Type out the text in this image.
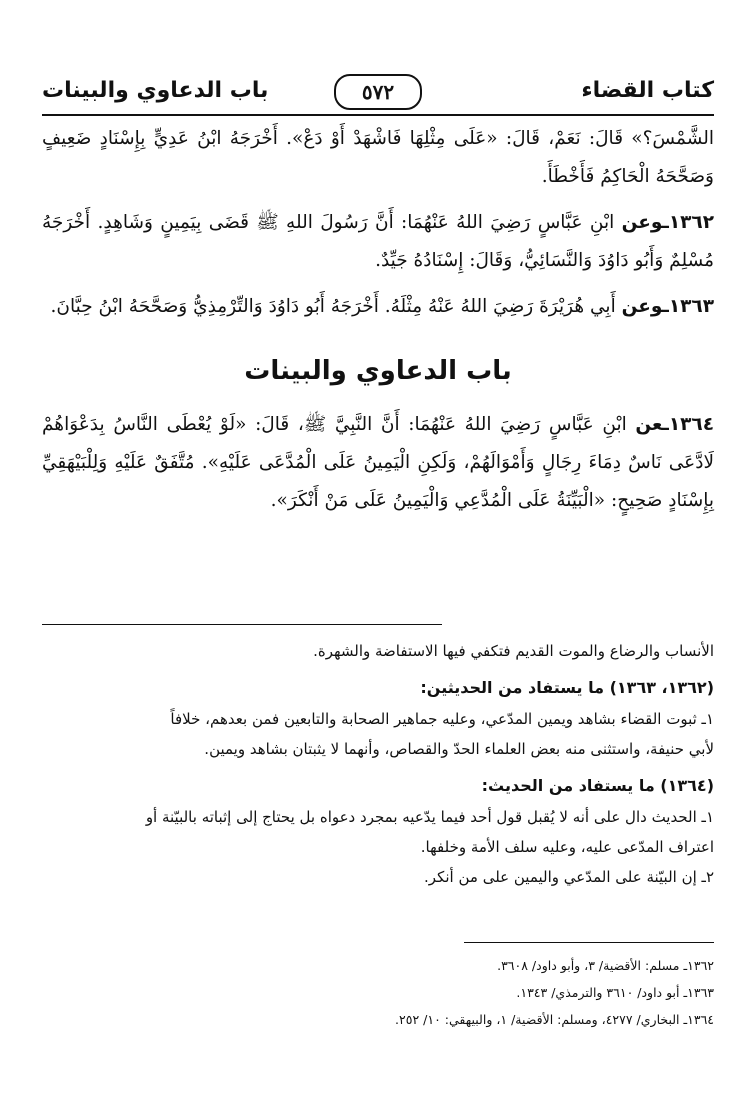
كتاب القضاء
٥٧٢
باب الدعاوي والبينات

الشَّمْسَ؟» قَالَ: نَعَمْ، قَالَ: «عَلَى مِثْلِهَا فَاشْهَدْ أَوْ دَعْ». أَخْرَجَهُ ابْنُ عَدِيٍّ بِإِسْنَادٍ ضَعِيفٍ وَصَحَّحَهُ الْحَاكِمُ فَأَخْطَأَ.

١٣٦٢ـوعن ابْنِ عَبَّاسٍ رَضِيَ اللهُ عَنْهُمَا: أَنَّ رَسُولَ اللهِ ﷺ قَضَى بِيَمِينٍ وَشَاهِدٍ. أَخْرَجَهُ مُسْلِمٌ وَأَبُو دَاوُدَ وَالنَّسَائِيُّ، وَقَالَ: إِسْنَادُهُ جَيِّدٌ.

١٣٦٣ـوعن أَبِي هُرَيْرَةَ رَضِيَ اللهُ عَنْهُ مِثْلَهُ. أَخْرَجَهُ أَبُو دَاوُدَ وَالتِّرْمِذِيُّ وَصَحَّحَهُ ابْنُ حِبَّانَ.

باب الدعاوي والبينات

١٣٦٤ـعن ابْنِ عَبَّاسٍ رَضِيَ اللهُ عَنْهُمَا: أَنَّ النَّبِيَّ ﷺ، قَالَ: «لَوْ يُعْطَى النَّاسُ بِدَعْوَاهُمْ لَادَّعَى نَاسٌ دِمَاءَ رِجَالٍ وَأَمْوَالَهُمْ، وَلَكِنِ الْيَمِينُ عَلَى الْمُدَّعَى عَلَيْهِ». مُتَّفَقٌ عَلَيْهِ وَلِلْبَيْهَقِيِّ بِإِسْنَادٍ صَحِيحٍ: «الْبَيِّنَةُ عَلَى الْمُدَّعِي وَالْيَمِينُ عَلَى مَنْ أَنْكَرَ».

الأنساب والرضاع والموت القديم فتكفي فيها الاستفاضة والشهرة.
(١٣٦٢، ١٣٦٣) ما يستفاد من الحديثين:
١ـ ثبوت القضاء بشاهد ويمين المدّعي، وعليه جماهير الصحابة والتابعين فمن بعدهم، خلافاً
لأبي حنيفة، واستثنى منه بعض العلماء الحدّ والقصاص، وأنهما لا يثبتان بشاهد ويمين.
(١٣٦٤) ما يستفاد من الحديث:
١ـ الحديث دال على أنه لا يُقبل قول أحد فيما يدّعيه بمجرد دعواه بل يحتاج إلى إثباته بالبيّنة أو
اعتراف المدّعى عليه، وعليه سلف الأمة وخلفها.
٢ـ إن البيّنة على المدّعي واليمين على من أنكر.
١٣٦٢ـ مسلم: الأقضية/ ٣، وأبو داود/ ٣٦٠٨.
١٣٦٣ـ أبو داود/ ٣٦١٠ والترمذي/ ١٣٤٣.
١٣٦٤ـ البخاري/ ٤٢٧٧، ومسلم: الأقضية/ ١، والبيهقي: ١٠/ ٢٥٢.
